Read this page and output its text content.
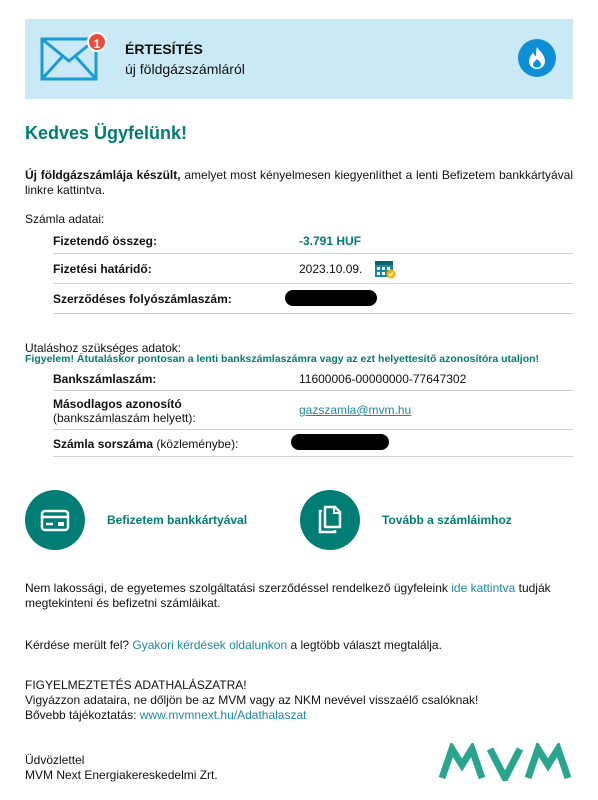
1	ÉRTESÍTÉS
új földgázszámláról
Kedves Ügyfelünk!
Új földgázszámlája készült, amelyet most kényelmesen kiegyenlíthet a lenti Befizetem bankkártyával linkre kattintva.
Számla adatai:
Fizetendő összeg:	-3.791 HUF
Fizetési határidő:	2023.10.09.
Szerződéses folyószámlaszám:
Utaláshoz szükséges adatok:
Figyelem! Átutaláskor pontosan a lenti bankszámlaszámra vagy az ezt helyettesítő azonosítóra utaljon!
Bankszámlaszám:	11600006-00000000-77647302
Másodlagos azonosító
(bankszámlaszám helyett):
gazszamla@mvm.hu
Számla sorszáma (közleménybe):
Befizetem bankkártyával	Tovább a számláimhoz
Nem lakossági, de egyetemes szolgáltatási szerződéssel rendelkező ügyfeleink ide kattintva tudják megtekinteni és befizetni számláikat.
Kérdése merült fel? Gyakori kérdések oldalunkon a legtöbb választ megtalálja.
FIGYELMEZTETÉS ADATHALÁSZATRA!
Vigyázzon adataira, ne dőljön be az MVM vagy az NKM nevével visszaélő csalóknak!
Bővebb tájékoztatás: www.mvmnext.hu/Adathalaszat
Üdvözlettel
MVM Next Energiakereskedelmi Zrt.
